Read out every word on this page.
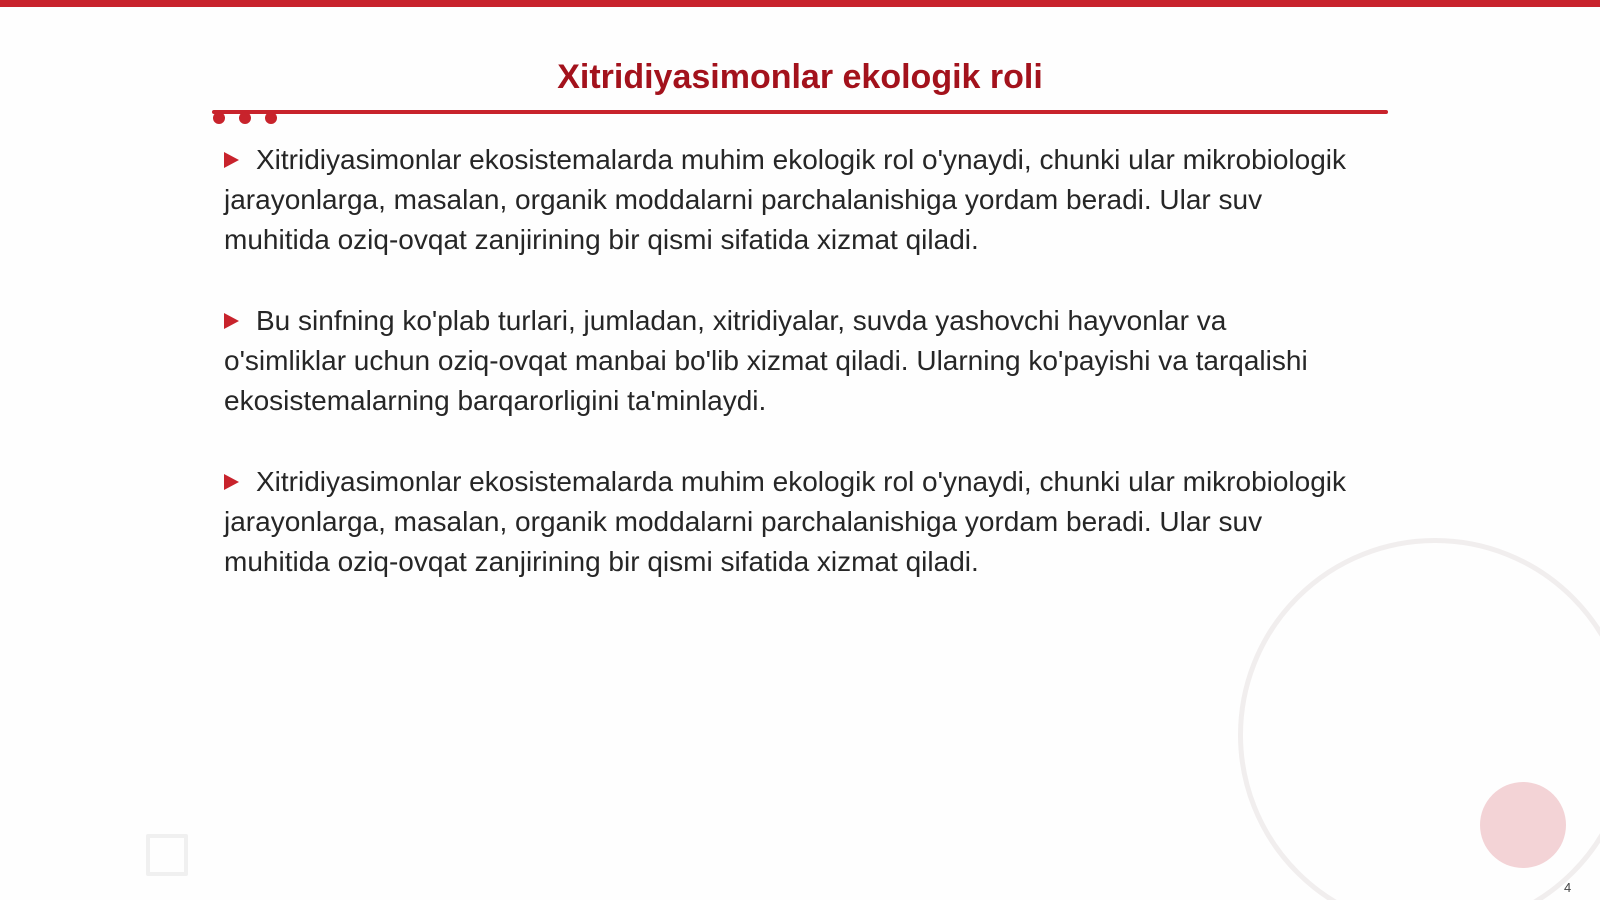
Xitridiyasimonlar ekologik roli

Xitridiyasimonlar ekosistemalarda muhim ekologik rol o'ynaydi, chunki ular mikrobiologik jarayonlarga, masalan, organik moddalarni parchalanishiga yordam beradi. Ular suv muhitida oziq-ovqat zanjirining bir qismi sifatida xizmat qiladi.

Bu sinfning ko'plab turlari, jumladan, xitridiyalar, suvda yashovchi hayvonlar va o'simliklar uchun oziq-ovqat manbai bo'lib xizmat qiladi. Ularning ko'payishi va tarqalishi ekosistemalarning barqarorligini ta'minlaydi.

Xitridiyasimonlar ekosistemalarda muhim ekologik rol o'ynaydi, chunki ular mikrobiologik jarayonlarga, masalan, organik moddalarni parchalanishiga yordam beradi. Ular suv muhitida oziq-ovqat zanjirining bir qismi sifatida xizmat qiladi.

4
